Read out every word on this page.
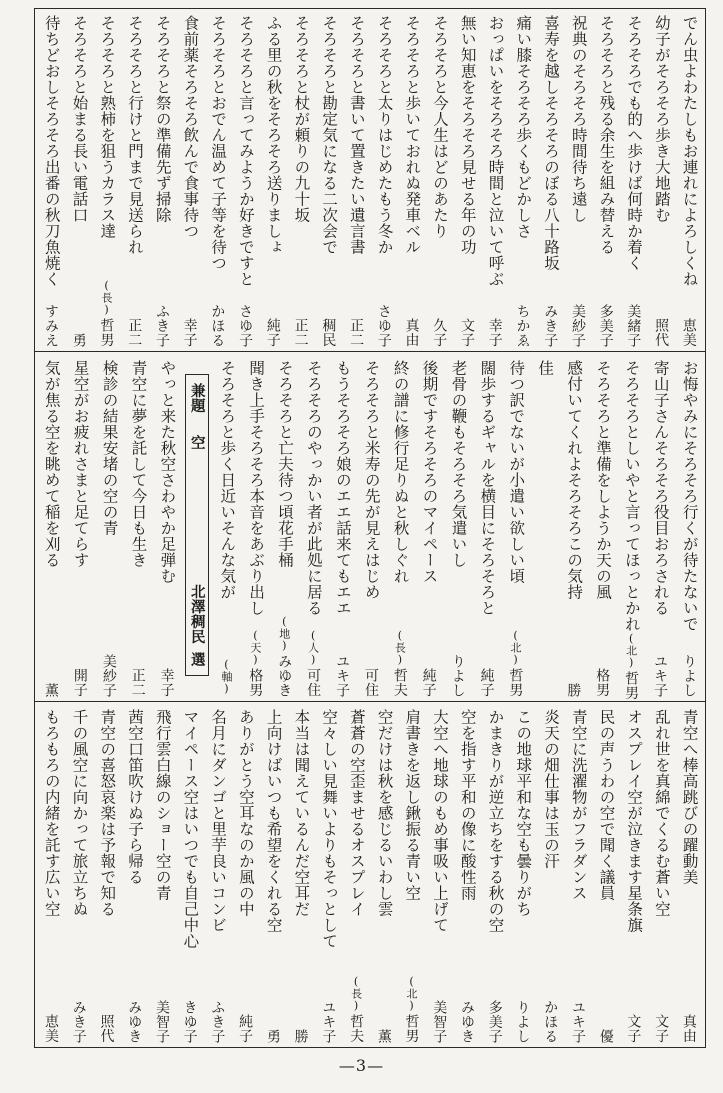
でん虫よわたしもお連れによろしくね
恵美
幼子がそろそろ歩き大地踏む
照代
そろそろでも的へ歩けば何時か着く
美緒子
そろそろと残る余生を組み替える
多美子
祝典のそろそろ時間待ち遠し
美紗子
喜寿を越しそろそろのぼる八十路坂
みき子
痛い膝そろそろ歩くもどかしさ
ちかゑ
おっぱいをそろそろ時間と泣いて呼ぶ
幸子
無い知恵をそろそろ見せる年の功
文子
そろそろと今人生はどのあたり
久子
そろそろと歩いておれぬ発車ベル
真由
そろそろと太りはじめたもう冬か
さゆ子
そろそろと書いて置きたい遺言書
正二
そろそろと勘定気になる二次会で
稠民
そろそろと杖が頼りの九十坂
正二
ふる里の秋をそろそろ送りましょ
純子
そろそろと言ってみようか好きですと
さゆ子
そろそろとおでん温めて子等を待つ
かほる
食前薬そろそろ飲んで食事待つ
幸子
そろそろと祭の準備先ず掃除
ふき子
そろそろと行けと門まで見送られ
正二
そろそろと熟柿を狙うカラス達
(長)
哲男
そろそろと始まる長い電話口
勇
待ちどおしそろそろ出番の秋刀魚焼く
すみえ
お悔やみにそろそろ行くが待たないで
りよし
寄山子さんそろそろ役目おろされる
ユキ子
そろそろとしいやと言ってほっとかれ
(北)
哲男
そろそろと準備をしようか天の風
格男
感付いてくれよそろそろこの気持
勝
佳
待つ訳でないが小遣い欲しい頃
(北)
哲男
闊歩するギャルを横目にそろそろと
純子
老骨の鞭もそろそろ気遣いし
りよし
後期ですそろそろのマイペース
純子
終の譜に修行足りぬと秋しぐれ
(長)
哲夫
そろそろと米寿の先が見えはじめ
可住
もうそろそろ娘のエエ話来てもエエ
ユキ子
そろそろのやっかい者が此処に居る
(人)
可住
そろそろと亡夫待つ頃花手桶
(地)
みゆき
聞き上手そろそろ本音をあぶり出し
(天)
格男
そろそろと歩く日近いそんな気が
(軸)
兼題
空
北澤稠民
選
やっと来た秋空さわやか足弾む
幸子
青空に夢を託して今日も生き
正二
検診の結果安堵の空の青
美紗子
星空がお疲れさまと足てらす
開子
気が焦る空を眺めて稲を刈る
薫
青空へ棒高跳びの躍動美
真由
乱れ世を真綿でくるむ蒼い空
文子
オスプレイ空が泣きます星条旗
文子
民の声うわの空で聞く議員
優
青空に洗濯物がフラダンス
ユキ子
炎天の畑仕事は玉の汗
かほる
この地球平和な空も曇りがち
りよし
かまきりが逆立ちをする秋の空
多美子
空を指す平和の像に酸性雨
みゆき
大空へ地球のもめ事吸い上げて
美智子
肩書きを返し鍬振る青い空
(北)
哲男
空だけは秋を感じるいわし雲
薫
蒼蒼の空歪ませるオスプレイ
(長)
哲夫
空々しい見舞いよりもそっとして
ユキ子
本当は聞えているんだ空耳だ
勝
上向けばいつも希望をくれる空
勇
ありがとう空耳なのか風の中
純子
名月にダンゴと里芋良いコンビ
ふき子
マイペース空はいつでも自己中心
きゆ子
飛行雲白線のショー空の青
美智子
茜空口笛吹けぬ子ら帰る
みゆき
青空の喜怒哀楽は予報で知る
照代
千の風空に向かって旅立ちぬ
みき子
もろもろの内緒を託す広い空
恵美
—3—
